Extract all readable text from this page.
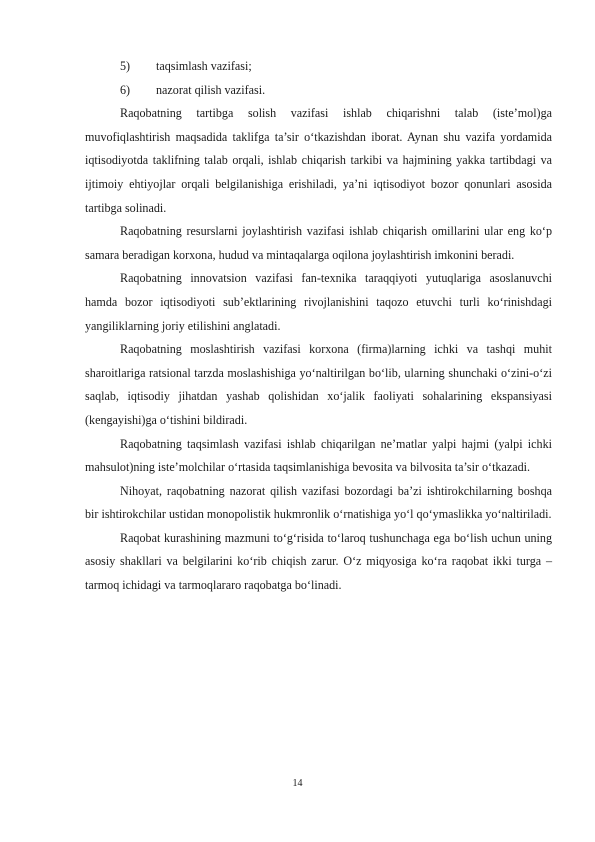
5)	taqsimlash vazifasi;
6)	nazorat qilish vazifasi.

Raqobatning tartibga solish vazifasi ishlab chiqarishni talab (iste’mol)ga muvofiqlashtirish maqsadida taklifga ta’sir o‘tkazishdan iborat. Aynan shu vazifa yordamida iqtisodiyotda taklifning talab orqali, ishlab chiqarish tarkibi va hajmining yakka tartibdagi va ijtimoiy ehtiyojlar orqali belgilanishiga erishiladi, ya’ni iqtisodiyot bozor qonunlari asosida tartibga solinadi.

Raqobatning resurslarni joylashtirish vazifasi ishlab chiqarish omillarini ular eng ko‘p samara beradigan korxona, hudud va mintaqalarga oqilona joylashtirish imkonini beradi.

Raqobatning innovatsion vazifasi fan-texnika taraqqiyoti yutuqlariga asoslanuvchi hamda bozor iqtisodiyoti sub’ektlarining rivojlanishini taqozo etuvchi turli ko‘rinishdagi yangiliklarning joriy etilishini anglatadi.

Raqobatning moslashtirish vazifasi korxona (firma)larning ichki va tashqi muhit sharoitlariga ratsional tarzda moslashishiga yo‘naltirilgan bo‘lib, ularning shunchaki o‘zini-o‘zi saqlab, iqtisodiy jihatdan yashab qolishidan xo‘jalik faoliyati sohalarining ekspansiyasi (kengayishi)ga o‘tishini bildiradi.

Raqobatning taqsimlash vazifasi ishlab chiqarilgan ne’matlar yalpi hajmi (yalpi ichki mahsulot)ning iste’molchilar o‘rtasida taqsimlanishiga bevosita va bilvosita ta’sir o‘tkazadi.

Nihoyat, raqobatning nazorat qilish vazifasi bozordagi ba’zi ishtirokchilarning boshqa bir ishtirokchilar ustidan monopolistik hukmronlik o‘rnatishiga yo‘l qo‘ymaslikka yo‘naltiriladi.

Raqobat kurashining mazmuni to‘g‘risida to‘laroq tushunchaga ega bo‘lish uchun uning asosiy shakllari va belgilarini ko‘rib chiqish zarur. O‘z miqyosiga ko‘ra raqobat ikki turga – tarmoq ichidagi va tarmoqlararo raqobatga bo‘linadi.

14
